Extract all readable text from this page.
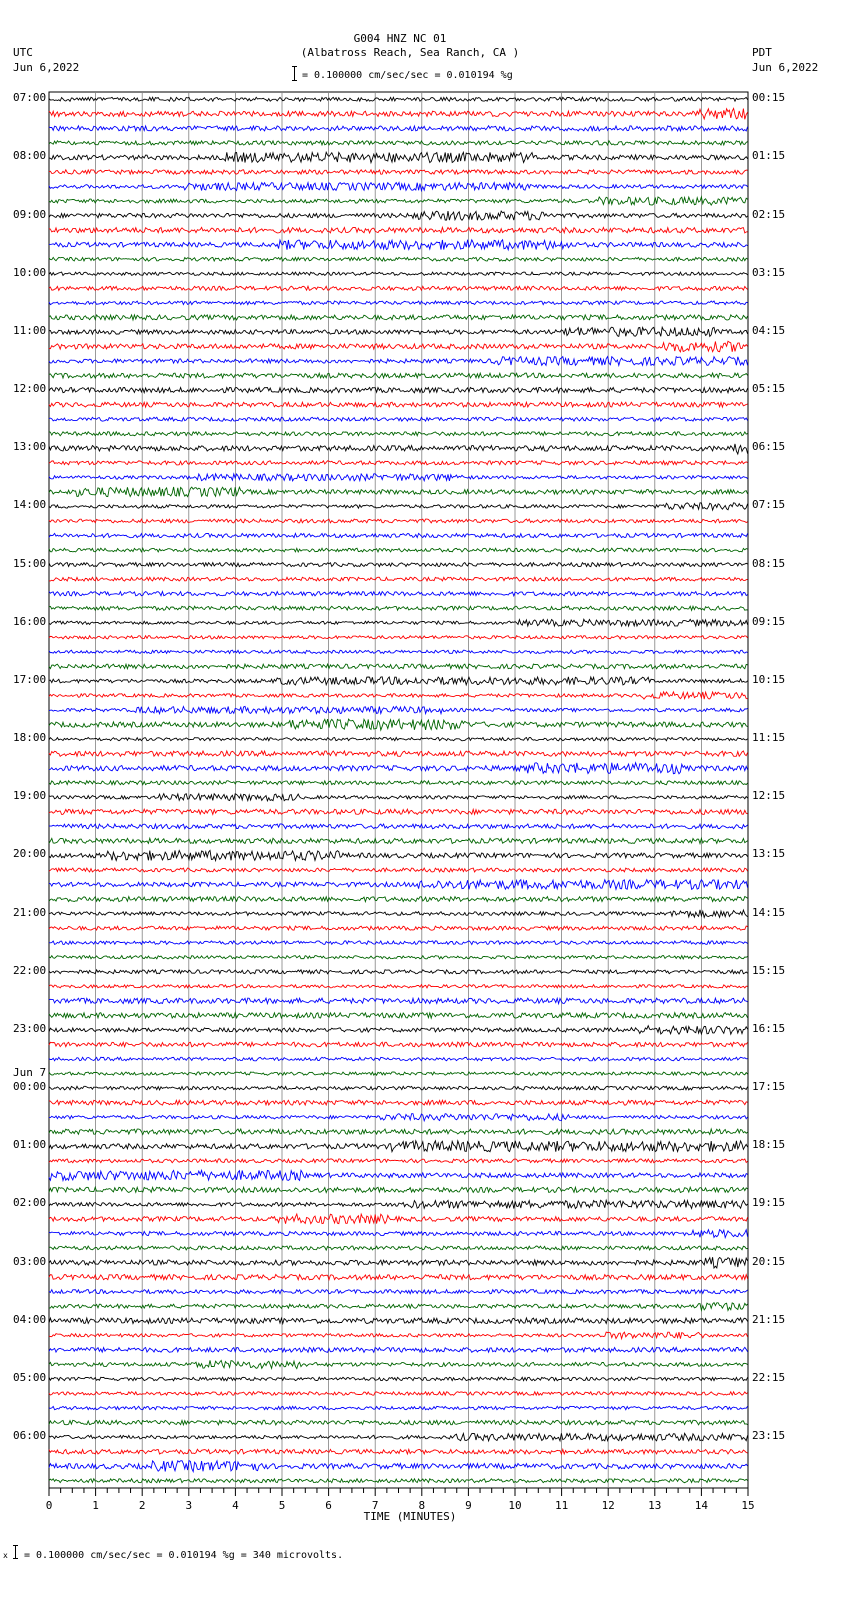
G004 HNZ NC 01
(Albatross Reach, Sea Ranch, CA )
= 0.100000 cm/sec/sec = 0.010194 %g
UTC
Jun 6,2022
PDT
Jun 6,2022
07:00
08:00
09:00
10:00
11:00
12:00
13:00
14:00
15:00
16:00
17:00
18:00
19:00
20:00
21:00
22:00
23:00
00:00
Jun 7
01:00
02:00
03:00
04:00
05:00
06:00
00:15
01:15
02:15
03:15
04:15
05:15
06:15
07:15
08:15
09:15
10:15
11:15
12:15
13:15
14:15
15:15
16:15
17:15
18:15
19:15
20:15
21:15
22:15
23:15
0	1	2	3	4	5	6	7	8	9	10	11	12	13	14	15
TIME (MINUTES)
x = 0.100000 cm/sec/sec = 0.010194 %g = 340 microvolts.
